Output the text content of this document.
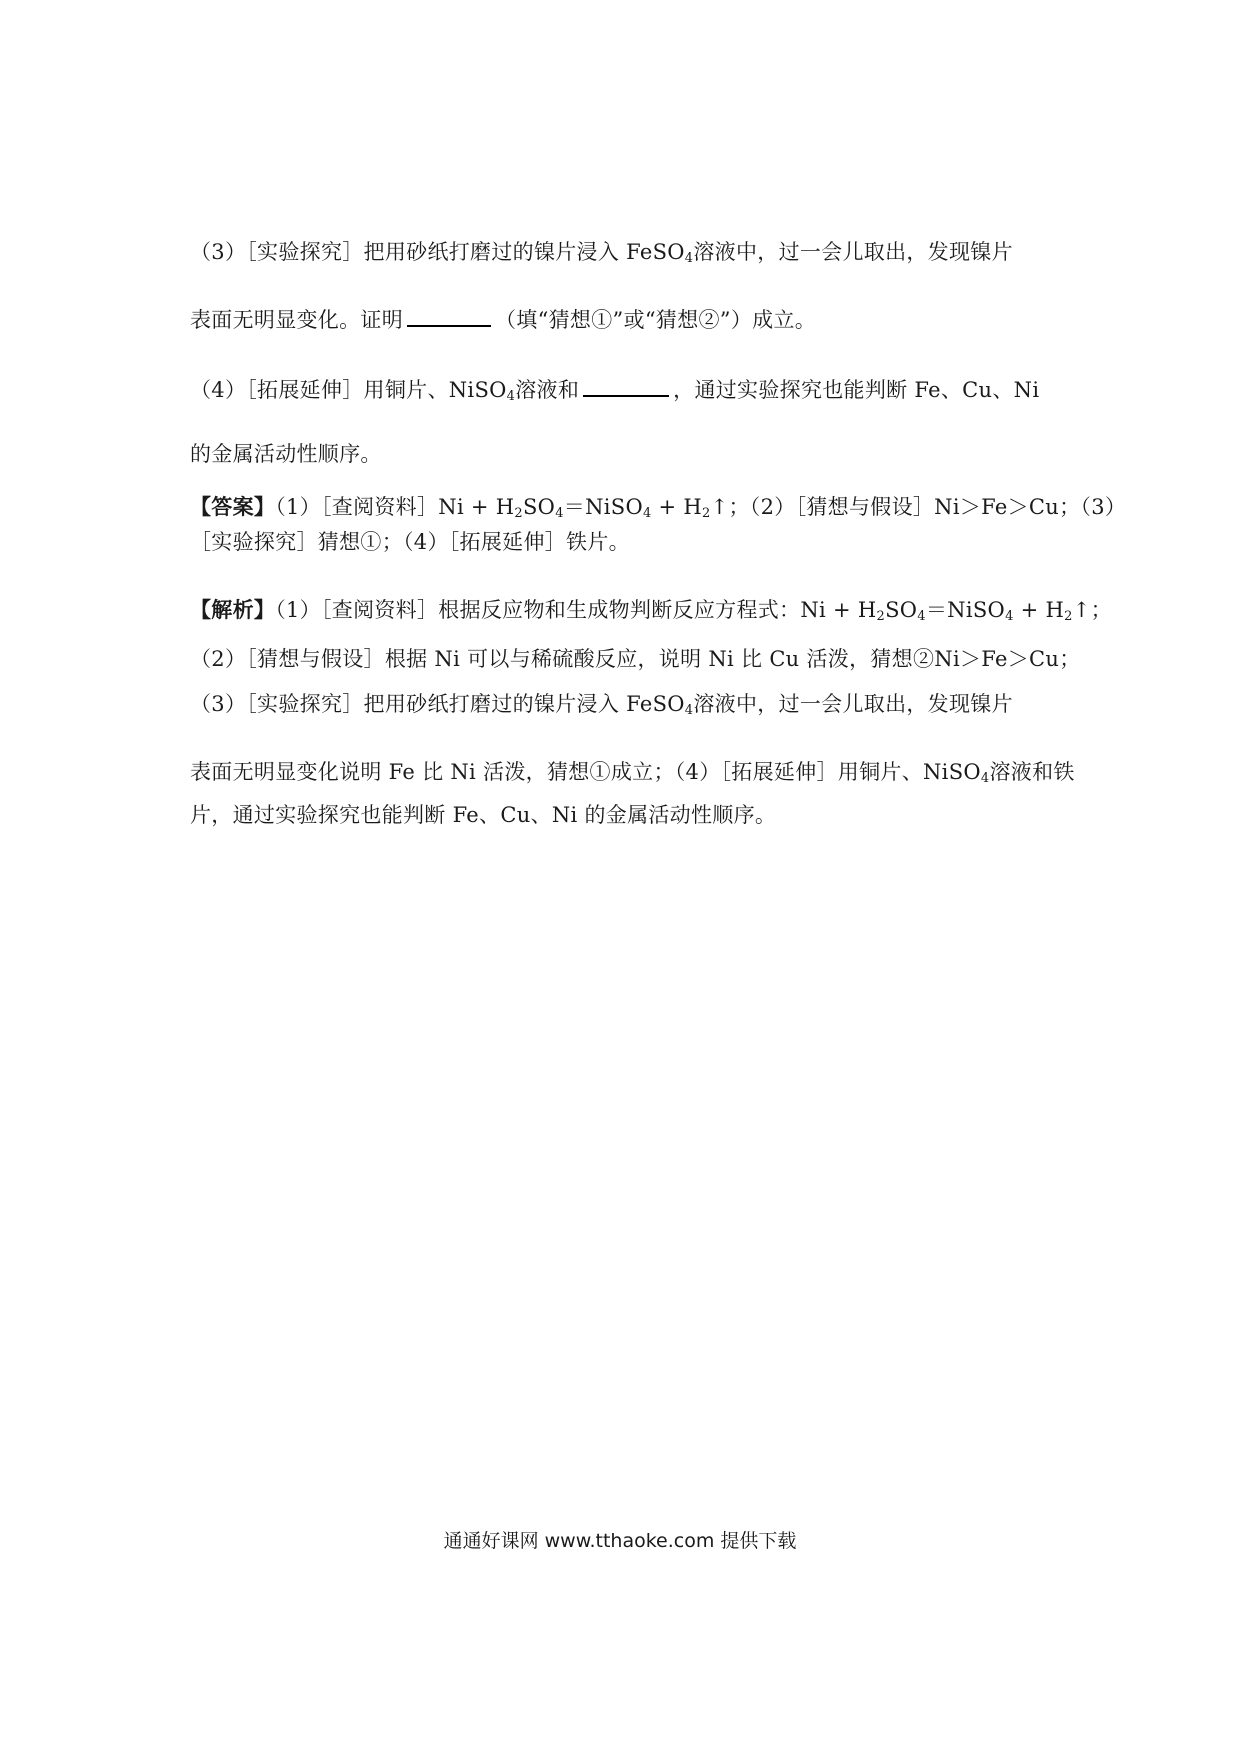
（3）［实验探究］把用砂纸打磨过的镍片浸入 FeSO$_4$溶液中，过一会儿取出，发现镍片
表面无明显变化。证明	（填“猜想①”或“猜想②”）成立。
（4）［拓展延伸］用铜片、NiSO$_4$溶液和	，通过实验探究也能判断 Fe、Cu、Ni
的金属活动性顺序。
【答案】（1）［查阅资料］Ni + $H_2SO_4=NiSO_4$ + $H_2↑$；（2）［猜想与假设］Ni＞Fe＞Cu；（3）
［实验探究］猜想①；（4）［拓展延伸］铁片。
【解析】（1）［查阅资料］根据反应物和生成物判断反应方程式：$Ni + H_2SO_4=NiSO_4$ + $H_2↑$；
（2）［猜想与假设］根据 Ni 可以与稀硫酸反应，说明 Ni 比 Cu 活泼，猜想②Ni＞Fe＞Cu；
（3）［实验探究］把用砂纸打磨过的镍片浸入 FeSO$_4$溶液中，过一会儿取出，发现镍片
表面无明显变化说明 Fe 比 Ni 活泼，猜想①成立；（4）［拓展延伸］用铜片、NiSO$_4$溶液和铁
片，通过实验探究也能判断 Fe、Cu、Ni 的金属活动性顺序。
通通好课网 www.tthaoke.com 提供下载
